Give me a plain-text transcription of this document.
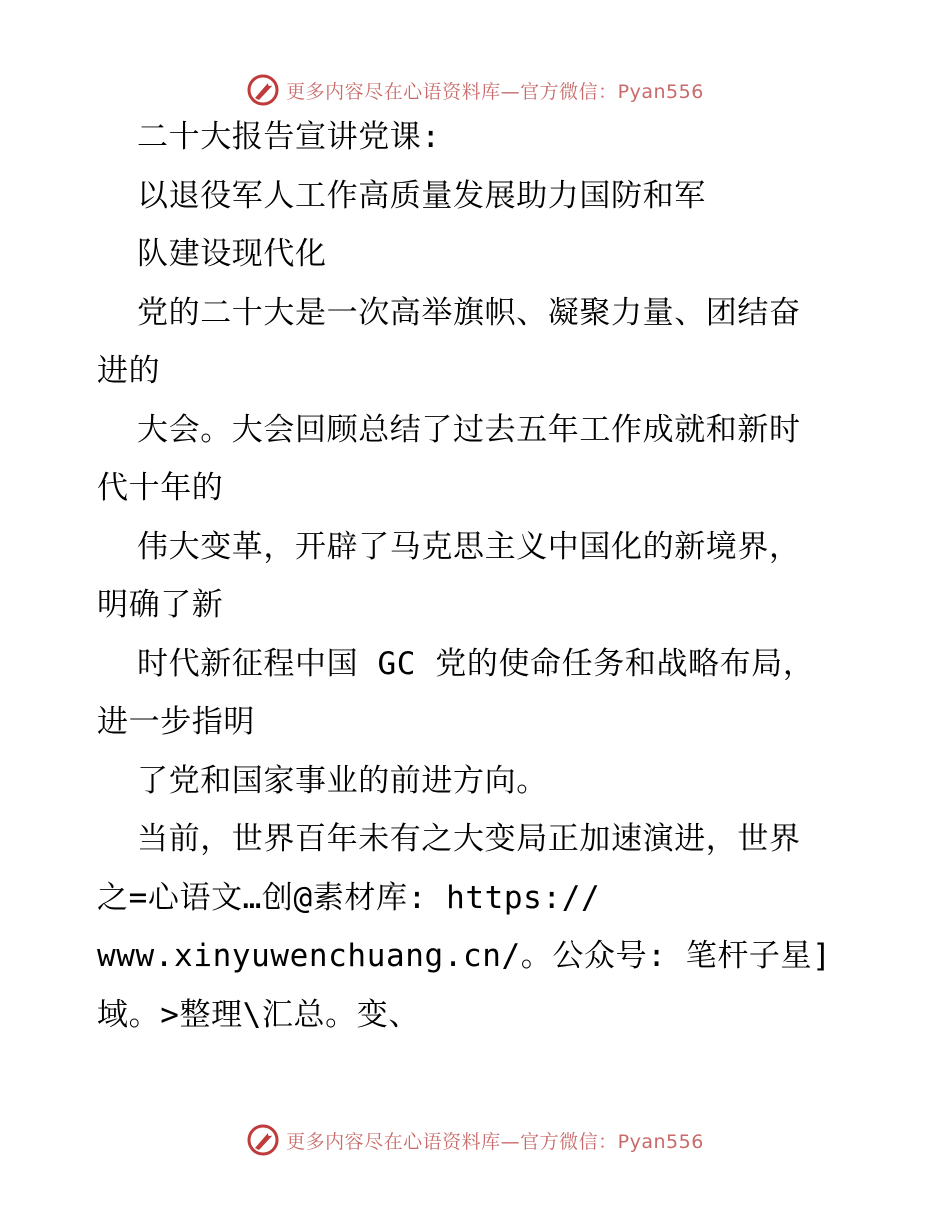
更多内容尽在心语资料库—官方微信：Pyan556
二十大报告宣讲党课:
以退役军人工作高质量发展助力国防和军
队建设现代化
党的二十大是一次高举旗帜、凝聚力量、团结奋
进的
大会。大会回顾总结了过去五年工作成就和新时
代十年的
伟大变革，开辟了马克思主义中国化的新境界，
明确了新
时代新征程中国 GC 党的使命任务和战略布局，
进一步指明
了党和国家事业的前进方向。
当前，世界百年未有之大变局正加速演进，世界
之=心语文…创@素材库: https://
www.xinyuwenchuang.cn/。公众号: 笔杆子星]
域。>整理\汇总。变、
更多内容尽在心语资料库—官方微信：Pyan556
